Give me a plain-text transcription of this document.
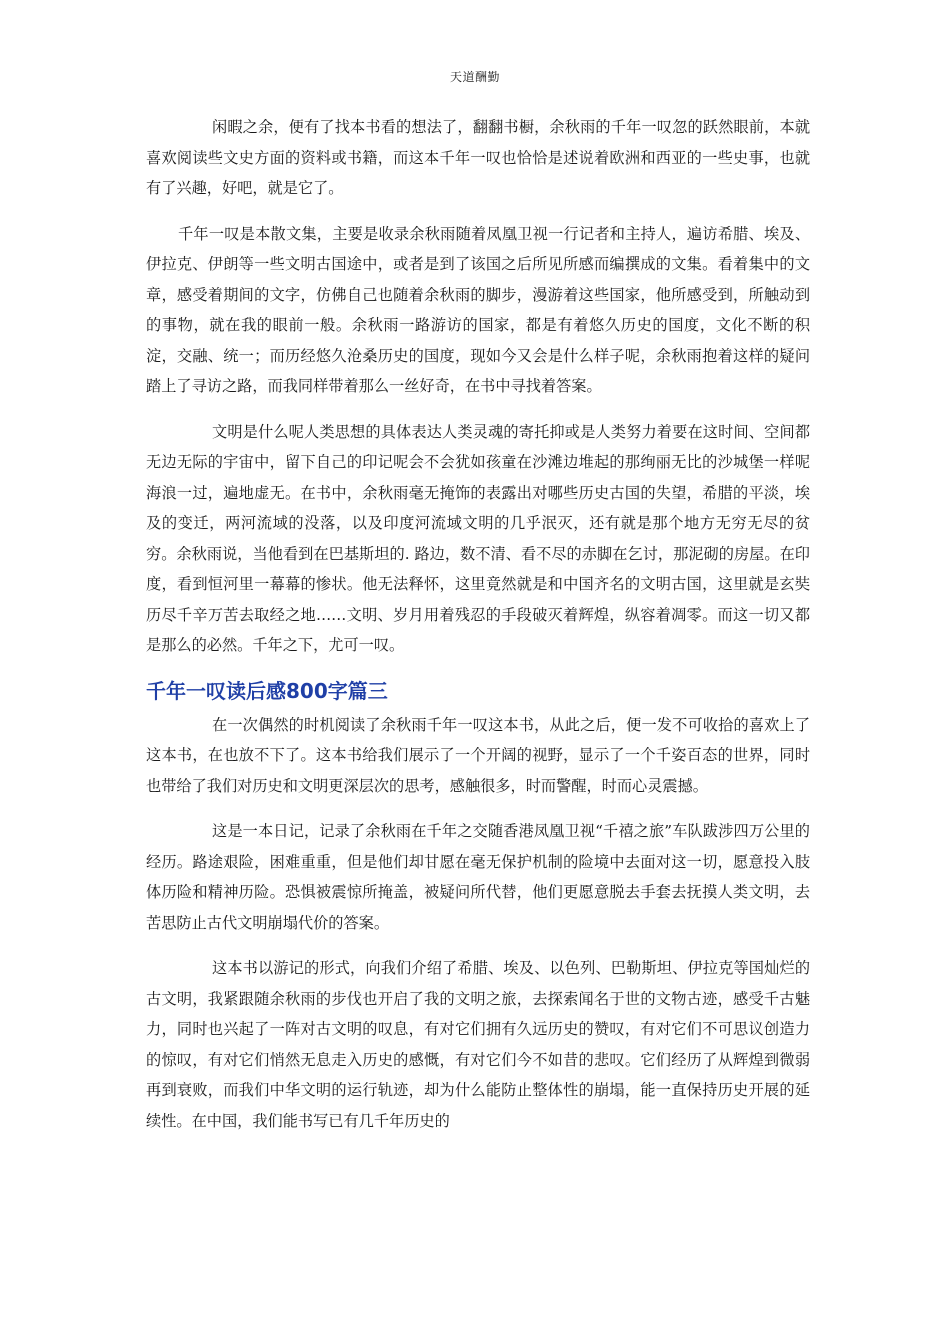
天道酬勤

闲暇之余，便有了找本书看的想法了，翻翻书橱，余秋雨的千年一叹忽的跃然眼前，本就喜欢阅读些文史方面的资料或书籍，而这本千年一叹也恰恰是述说着欧洲和西亚的一些史事，也就有了兴趣，好吧，就是它了。

千年一叹是本散文集，主要是收录余秋雨随着凤凰卫视一行记者和主持人，遍访希腊、埃及、伊拉克、伊朗等一些文明古国途中，或者是到了该国之后所见所感而编撰成的文集。看着集中的文章，感受着期间的文字，仿佛自己也随着余秋雨的脚步，漫游着这些国家，他所感受到，所触动到的事物，就在我的眼前一般。余秋雨一路游访的国家，都是有着悠久历史的国度，文化不断的积淀，交融、统一；而历经悠久沧桑历史的国度，现如今又会是什么样子呢，余秋雨抱着这样的疑问踏上了寻访之路，而我同样带着那么一丝好奇，在书中寻找着答案。

文明是什么呢人类思想的具体表达人类灵魂的寄托抑或是人类努力着要在这时间、空间都无边无际的宇宙中，留下自己的印记呢会不会犹如孩童在沙滩边堆起的那绚丽无比的沙城堡一样呢海浪一过，遍地虚无。在书中，余秋雨毫无掩饰的表露出对哪些历史古国的失望，希腊的平淡，埃及的变迁，两河流域的没落，以及印度河流域文明的几乎泯灭，还有就是那个地方无穷无尽的贫穷。余秋雨说，当他看到在巴基斯坦的. 路边，数不清、看不尽的赤脚在乞讨，那泥砌的房屋。在印度，看到恒河里一幕幕的惨状。他无法释怀，这里竟然就是和中国齐名的文明古国，这里就是玄奘历尽千辛万苦去取经之地……文明、岁月用着残忍的手段破灭着辉煌，纵容着凋零。而这一切又都是那么的必然。千年之下，尤可一叹。

千年一叹读后感800字篇三

在一次偶然的时机阅读了余秋雨千年一叹这本书，从此之后，便一发不可收拾的喜欢上了这本书，在也放不下了。这本书给我们展示了一个开阔的视野，显示了一个千姿百态的世界，同时也带给了我们对历史和文明更深层次的思考，感触很多，时而警醒，时而心灵震撼。

这是一本日记，记录了余秋雨在千年之交随香港凤凰卫视“千禧之旅”车队跋涉四万公里的经历。路途艰险，困难重重，但是他们却甘愿在毫无保护机制的险境中去面对这一切，愿意投入肢体历险和精神历险。恐惧被震惊所掩盖，被疑问所代替，他们更愿意脱去手套去抚摸人类文明，去苦思防止古代文明崩塌代价的答案。

这本书以游记的形式，向我们介绍了希腊、埃及、以色列、巴勒斯坦、伊拉克等国灿烂的古文明，我紧跟随余秋雨的步伐也开启了我的文明之旅，去探索闻名于世的文物古迹，感受千古魅力，同时也兴起了一阵对古文明的叹息，有对它们拥有久远历史的赞叹，有对它们不可思议创造力的惊叹，有对它们悄然无息走入历史的感慨，有对它们今不如昔的悲叹。它们经历了从辉煌到微弱再到衰败，而我们中华文明的运行轨迹，却为什么能防止整体性的崩塌，能一直保持历史开展的延续性。在中国，我们能书写已有几千年历史的
